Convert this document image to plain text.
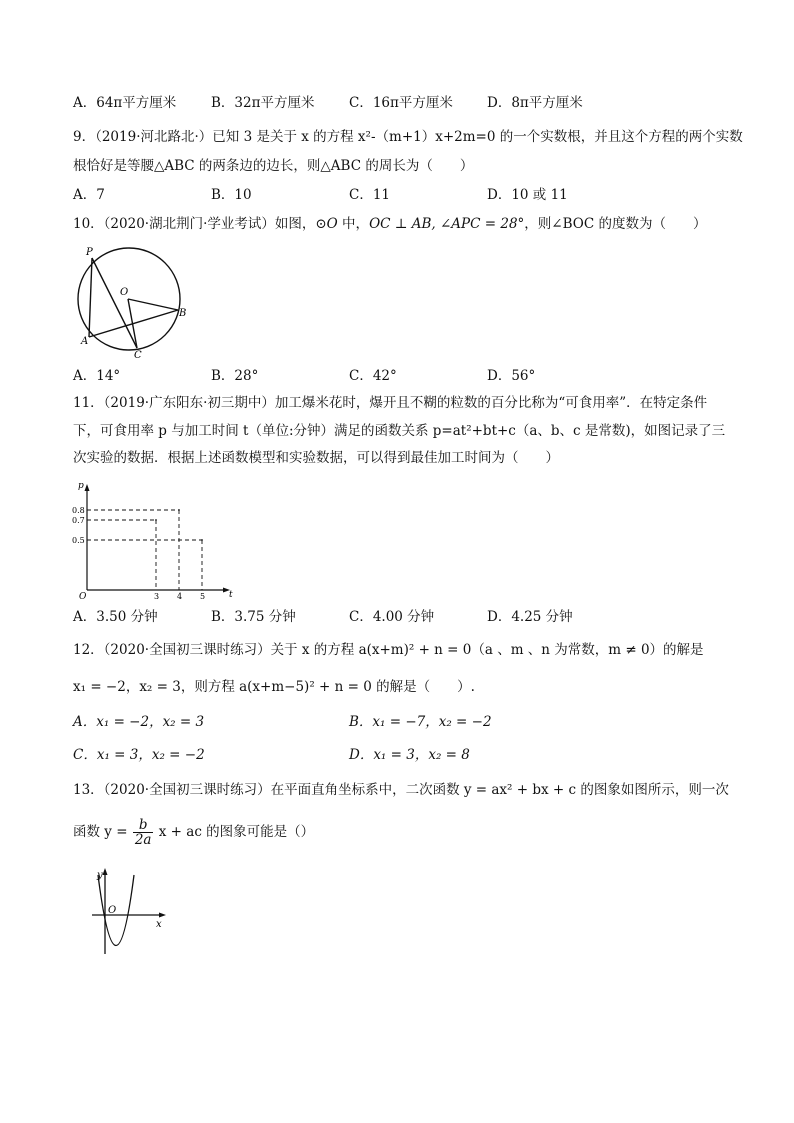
A．64π平方厘米	B．32π平方厘米	C．16π平方厘米	D．8π平方厘米
9．（2019·河北路北·）已知 3 是关于 x 的方程 x²-（m+1）x+2m=0 的一个实数根，并且这个方程的两个实数
根恰好是等腰△ABC 的两条边的边长，则△ABC 的周长为（　　）
A．7	B．10	C．11	D．10 或 11
10．（2020·湖北荆门·学业考试）如图，⊙O 中，OC ⊥ AB, ∠APC = 28°，则∠BOC 的度数为（　　）
P
O
B
A
C
A．14°	B．28°	C．42°	D．56°
11．（2019·广东阳东·初三期中）加工爆米花时，爆开且不糊的粒数的百分比称为“可食用率”．在特定条件
下，可食用率 p 与加工时间 t（单位:分钟）满足的函数关系 p=at²+bt+c（a、b、c 是常数)，如图记录了三
次实验的数据．根据上述函数模型和实验数据，可以得到最佳加工时间为（　　）
p
t
O	3 4 5
0.8
0.7
0.5
A．3.50 分钟	B．3.75 分钟	C．4.00 分钟	D．4.25 分钟
12．（2020·全国初三课时练习）关于 x 的方程 a(x+m)² + n = 0（a 、m 、n 为常数，m ≠ 0）的解是
x₁ = −2，x₂ = 3，则方程 a(x+m−5)² + n = 0 的解是（　　）.
A．x₁ = −2，x₂ = 3	B．x₁ = −7，x₂ = −2
C．x₁ = 3，x₂ = −2	D．x₁ = 3，x₂ = 8
13．（2020·全国初三课时练习）在平面直角坐标系中，二次函数 y = ax² + bx + c 的图象如图所示，则一次
函数 $y = \frac{b}{2a}$ x + ac 的图象可能是（）
y
O
x
